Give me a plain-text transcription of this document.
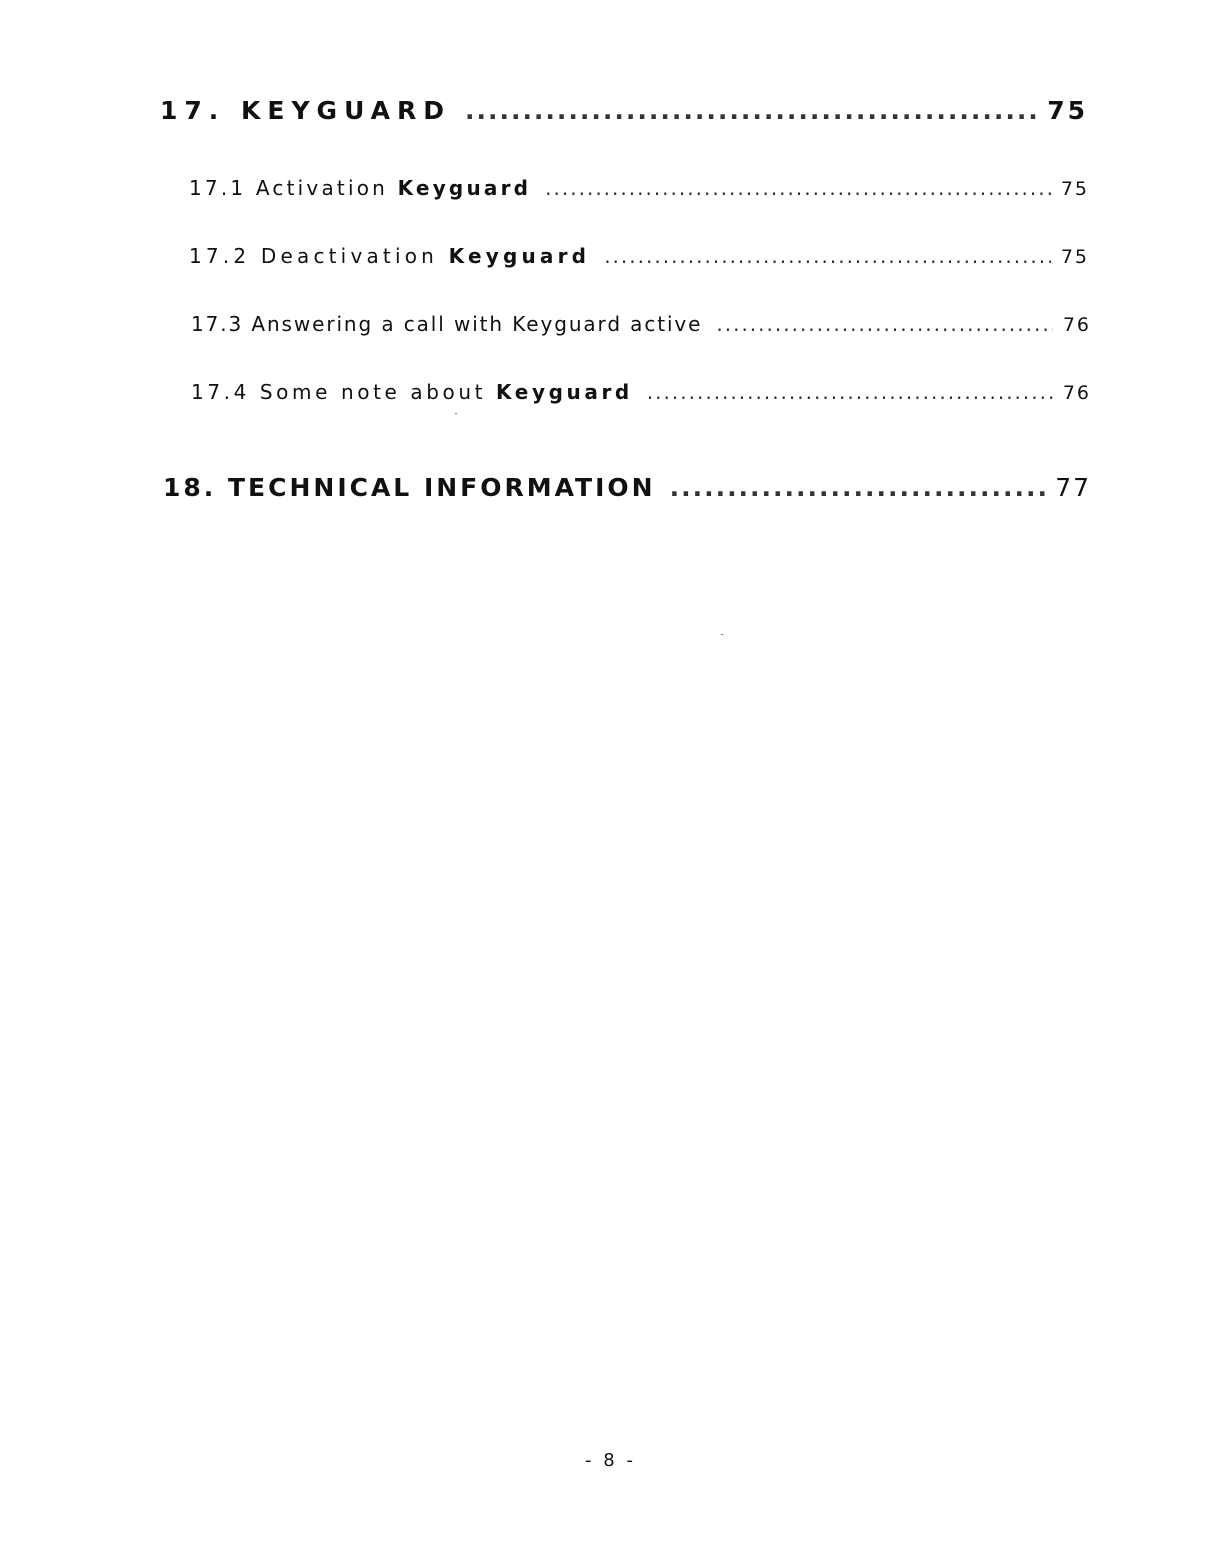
17. KEYGUARD .....	75
17.1 Activation Keyguard .....	75
17.2 Deactivation Keyguard .....	75
17.3 Answering a call with Keyguard active .....	76
17.4 Some note about Keyguard .....	76
18. TECHNICAL INFORMATION .....	77
- 8 -
